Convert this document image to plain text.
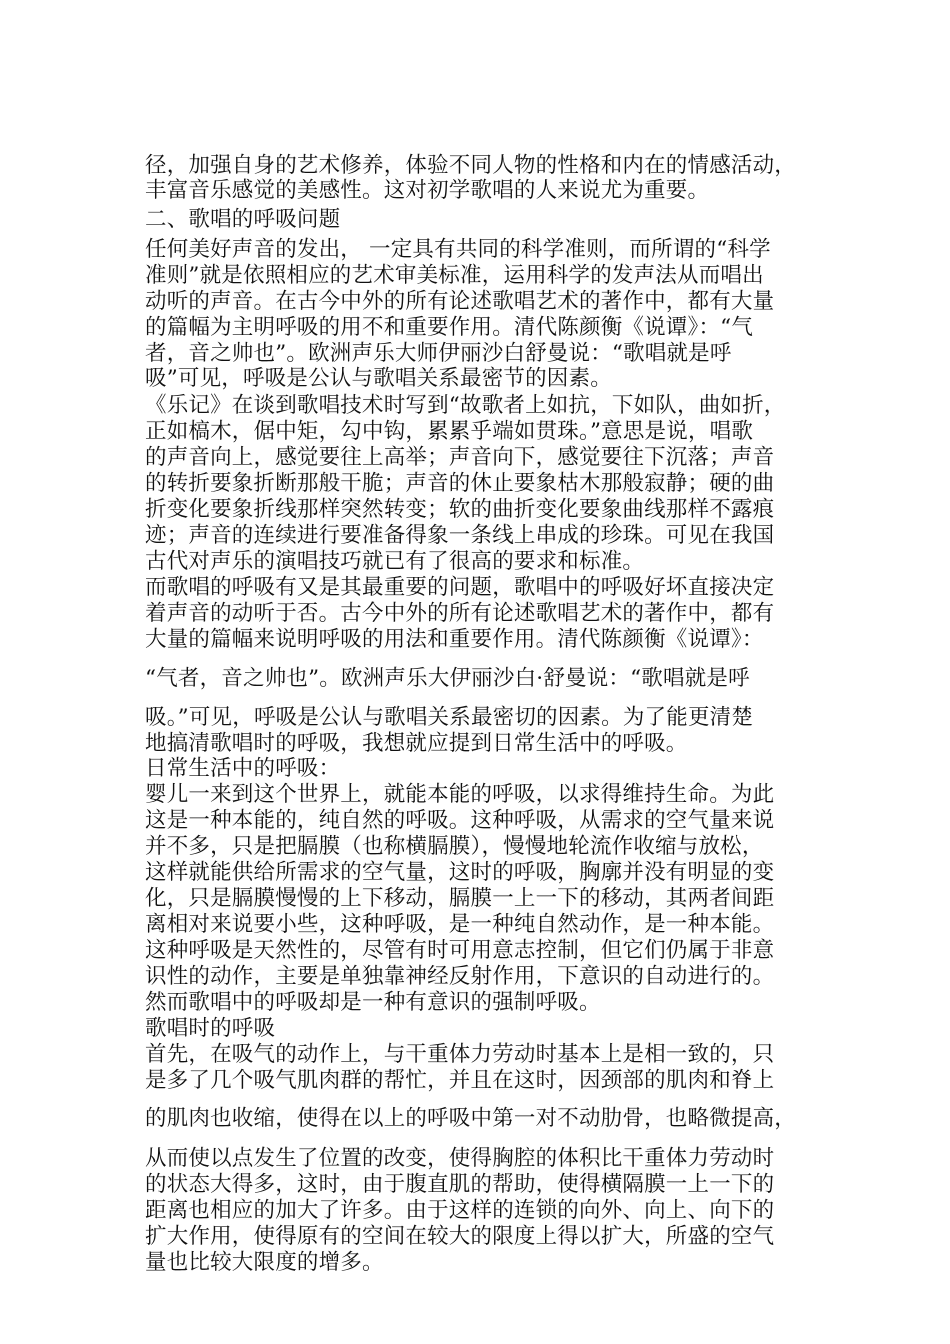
径，加强自身的艺术修养，体验不同人物的性格和内在的情感活动，
丰富音乐感觉的美感性。这对初学歌唱的人来说尤为重要。
二、歌唱的呼吸问题
任何美好声音的发出， 一定具有共同的科学准则，而所谓的“科学
准则”就是依照相应的艺术审美标准，运用科学的发声法从而唱出
动听的声音。在古今中外的所有论述歌唱艺术的著作中，都有大量
的篇幅为主明呼吸的用不和重要作用。清代陈颜衡《说谭》：“气
者，音之帅也”。欧洲声乐大师伊丽沙白舒曼说：“歌唱就是呼
吸”可见，呼吸是公认与歌唱关系最密节的因素。
《乐记》在谈到歌唱技术时写到“故歌者上如抗，下如队，曲如折，
正如槁木，倨中矩，勾中钩，累累乎端如贯珠。”意思是说，唱歌
的声音向上，感觉要往上高举；声音向下，感觉要往下沉落；声音
的转折要象折断那般干脆；声音的休止要象枯木那般寂静；硬的曲
折变化要象折线那样突然转变；软的曲折变化要象曲线那样不露痕
迹；声音的连续进行要准备得象一条线上串成的珍珠。可见在我国
古代对声乐的演唱技巧就已有了很高的要求和标准。
而歌唱的呼吸有又是其最重要的问题，歌唱中的呼吸好坏直接决定
着声音的动听于否。古今中外的所有论述歌唱艺术的著作中，都有
大量的篇幅来说明呼吸的用法和重要作用。清代陈颜衡《说谭》：
“气者，音之帅也”。欧洲声乐大伊丽沙白·舒曼说：“歌唱就是呼
吸。”可见，呼吸是公认与歌唱关系最密切的因素。为了能更清楚
地搞清歌唱时的呼吸，我想就应提到日常生活中的呼吸。
日常生活中的呼吸：
婴儿一来到这个世界上，就能本能的呼吸，以求得维持生命。为此
这是一种本能的，纯自然的呼吸。这种呼吸，从需求的空气量来说
并不多，只是把膈膜（也称横膈膜），慢慢地轮流作收缩与放松，
这样就能供给所需求的空气量，这时的呼吸，胸廓并没有明显的变
化，只是膈膜慢慢的上下移动，膈膜一上一下的移动，其两者间距
离相对来说要小些，这种呼吸，是一种纯自然动作，是一种本能。
这种呼吸是天然性的，尽管有时可用意志控制，但它们仍属于非意
识性的动作，主要是单独靠神经反射作用，下意识的自动进行的。
然而歌唱中的呼吸却是一种有意识的强制呼吸。
歌唱时的呼吸
首先，在吸气的动作上，与干重体力劳动时基本上是相一致的，只
是多了几个吸气肌肉群的帮忙，并且在这时，因颈部的肌肉和脊上
的肌肉也收缩，使得在以上的呼吸中第一对不动肋骨，也略微提高，
从而使以点发生了位置的改变，使得胸腔的体积比干重体力劳动时
的状态大得多，这时，由于腹直肌的帮助，使得横隔膜一上一下的
距离也相应的加大了许多。由于这样的连锁的向外、向上、向下的
扩大作用，使得原有的空间在较大的限度上得以扩大，所盛的空气
量也比较大限度的增多。
